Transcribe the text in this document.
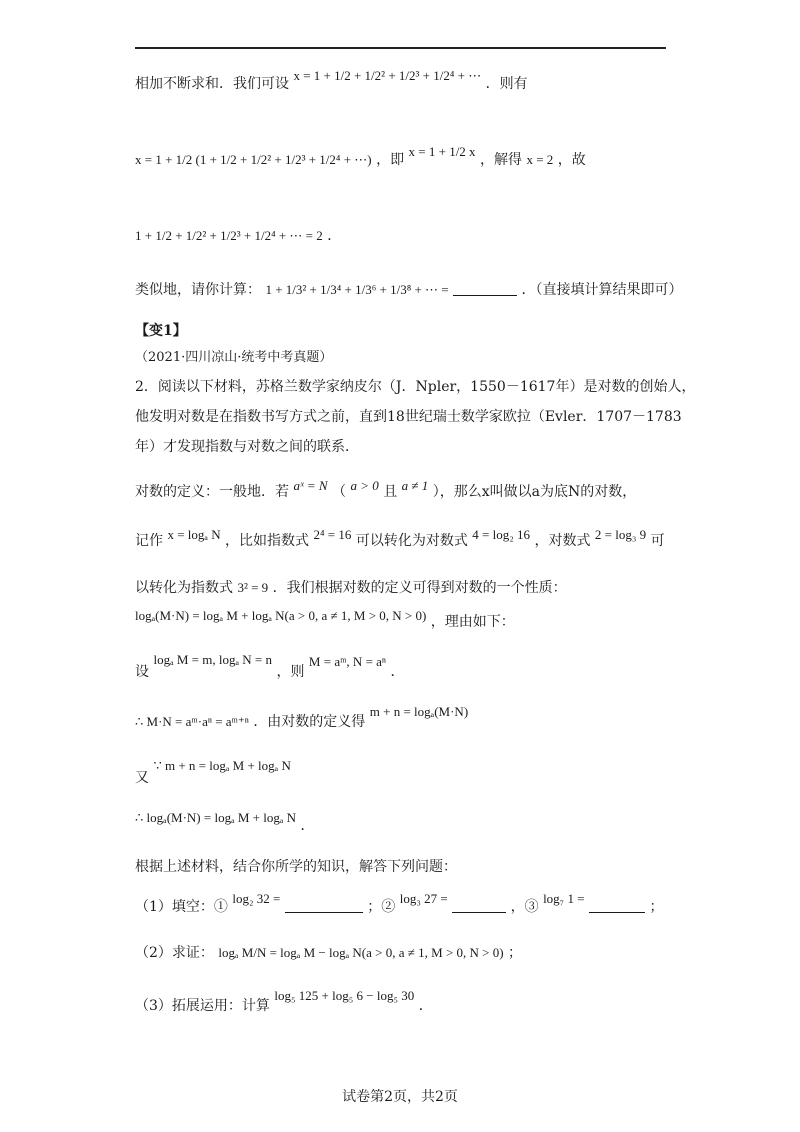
相加不断求和．我们可设 x = 1 + 1/2 + 1/2² + 1/2³ + 1/2⁴ + ⋯ ．则有
x = 1 + 1/2 (1 + 1/2 + 1/2² + 1/2³ + 1/2⁴ + ⋯) ，即 x = 1 + 1/2 x ，解得 x = 2 ，故
1 + 1/2 + 1/2² + 1/2³ + 1/2⁴ + ⋯ = 2 ．
类似地，请你计算： 1 + 1/3² + 1/3⁴ + 1/3⁶ + 1/3⁸ + ⋯ =	．（直接填计算结果即可）
【变1】
（2021·四川凉山·统考中考真题）
2．阅读以下材料，苏格兰数学家纳皮尔（J．Npler，1550－1617年）是对数的创始人，
他发明对数是在指数书写方式之前，直到18世纪瑞士数学家欧拉（Evler．1707－1783
年）才发现指数与对数之间的联系．
对数的定义：一般地．若 aˣ = N （ a > 0 且 a ≠ 1 ），那么x叫做以a为底N的对数，
记作 x = logₐ N ，比如指数式 2⁴ = 16 可以转化为对数式 4 = log₂ 16 ，对数式 2 = log₃ 9 可
以转化为指数式 3² = 9 ．我们根据对数的定义可得到对数的一个性质：
logₐ(M·N) = logₐ M + logₐ N(a > 0, a ≠ 1, M > 0, N > 0) ，理由如下：
设 logₐ M = m, logₐ N = n ，则 M = aᵐ, N = aⁿ ．
∴ M·N = aᵐ·aⁿ = aᵐ⁺ⁿ ．由对数的定义得 m + n = logₐ(M·N)
又 ∵ m + n = logₐ M + logₐ N
∴ logₐ(M·N) = logₐ M + logₐ N ．
根据上述材料，结合你所学的知识，解答下列问题：
（1）填空：① log₂ 32 =  ；② log₃ 27 =  ，③ log₇ 1 =  ；
（2）求证： logₐ M/N = logₐ M − logₐ N(a > 0, a ≠ 1, M > 0, N > 0) ；
（3）拓展运用：计算 log₅ 125 + log₅ 6 − log₅ 30 ．
试卷第2页，共2页
